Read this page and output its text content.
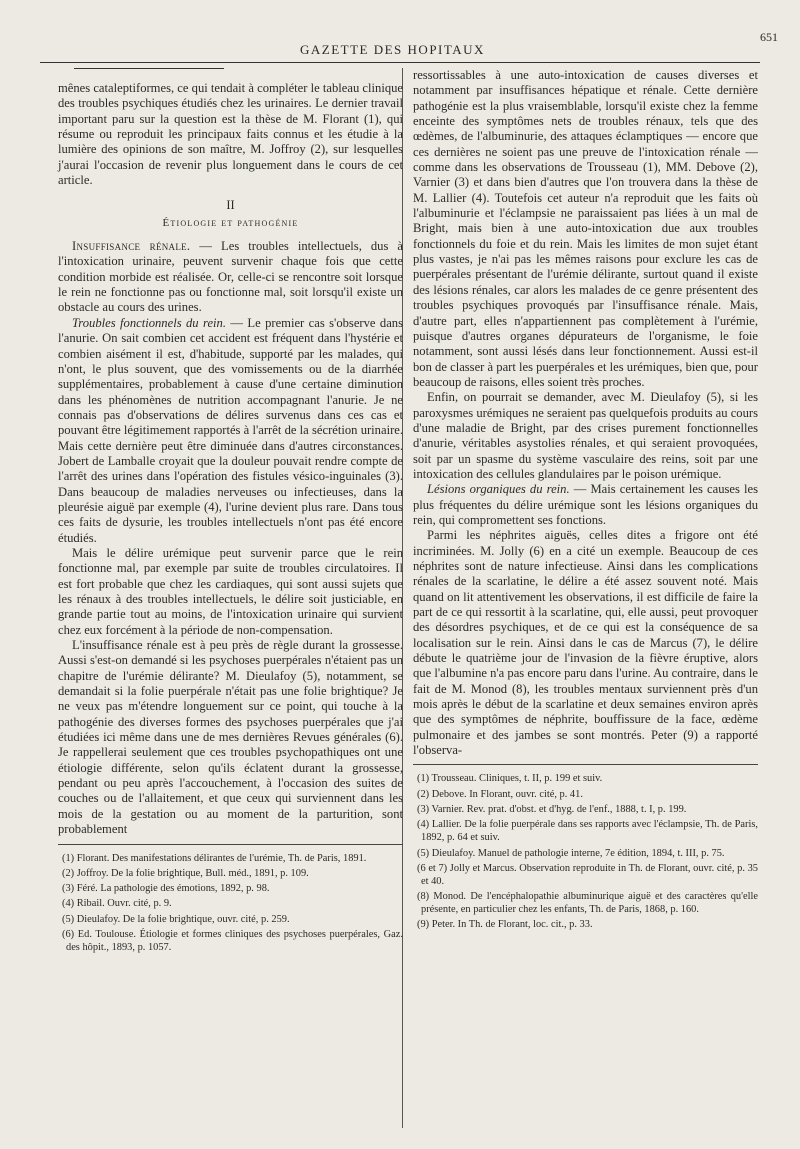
GAZETTE DES HOPITAUX
651

mênes cataleptiformes, ce qui tendait à compléter le tableau clinique des troubles psychiques étudiés chez les urinaires. Le dernier travail important paru sur la question est la thèse de M. Florant (1), qui résume ou reproduit les principaux faits connus et les étudie à la lumière des opinions de son maître, M. Joffroy (2), sur lesquelles j'aurai l'occasion de revenir plus longuement dans le cours de cet article.

II
Étiologie et pathogénie

Insuffisance rénale. — Les troubles intellectuels, dus à l'intoxication urinaire, peuvent survenir chaque fois que cette condition morbide est réalisée. Or, celle-ci se rencontre soit lorsque le rein ne fonctionne pas ou fonctionne mal, soit lorsqu'il existe un obstacle au cours des urines.

Troubles fonctionnels du rein. — Le premier cas s'observe dans l'anurie. On sait combien cet accident est fréquent dans l'hystérie et combien aisément il est, d'habitude, supporté par les malades, qui n'ont, le plus souvent, que des vomissements ou de la diarrhée supplémentaires, probablement à cause d'une certaine diminution dans les phénomènes de nutrition accompagnant l'anurie. Je ne connais pas d'observations de délires survenus dans ces cas et pouvant être légitimement rapportés à l'arrêt de la sécrétion urinaire. Mais cette dernière peut être diminuée dans d'autres circonstances. Jobert de Lamballe croyait que la douleur pouvait rendre compte de l'arrêt des urines dans l'opération des fistules vésico-inguinales (3). Dans beaucoup de maladies nerveuses ou infectieuses, dans la pleurésie aiguë par exemple (4), l'urine devient plus rare. Dans tous ces faits de dysurie, les troubles intellectuels n'ont pas été encore étudiés.

Mais le délire urémique peut survenir parce que le rein fonctionne mal, par exemple par suite de troubles circulatoires. Il est fort probable que chez les cardiaques, qui sont aussi sujets que les rénaux à des troubles intellectuels, le délire soit justiciable, en grande partie tout au moins, de l'intoxication urinaire qui survient chez eux forcément à la période de non-compensation.

L'insuffisance rénale est à peu près de règle durant la grossesse. Aussi s'est-on demandé si les psychoses puerpérales n'étaient pas un chapitre de l'urémie délirante? M. Dieulafoy (5), notamment, se demandait si la folie puerpérale n'était pas une folie brightique? Je ne veux pas m'étendre longuement sur ce point, qui touche à la pathogénie des diverses formes des psychoses puerpérales que j'ai étudiées ici même dans une de mes dernières Revues générales (6). Je rappellerai seulement que ces troubles psychopathiques ont une étiologie différente, selon qu'ils éclatent durant la grossesse, pendant ou peu après l'accouchement, à l'occasion des suites de couches ou de l'allaitement, et que ceux qui surviennent dans les mois de la gestation ou au moment de la parturition, sont probablement

(1) Florant. Des manifestations délirantes de l'urémie, Th. de Paris, 1891.
(2) Joffroy. De la folie brightique, Bull. méd., 1891, p. 109.
(3) Féré. La pathologie des émotions, 1892, p. 98.
(4) Ribail. Ouvr. cité, p. 9.
(5) Dieulafoy. De la folie brightique, ouvr. cité, p. 259.
(6) Ed. Toulouse. Étiologie et formes cliniques des psychoses puerpérales, Gaz. des hôpit., 1893, p. 1057.

ressortissables à une auto-intoxication de causes diverses et notamment par insuffisances hépatique et rénale. Cette dernière pathogénie est la plus vraisemblable, lorsqu'il existe chez la femme enceinte des symptômes nets de troubles rénaux, tels que des œdèmes, de l'albuminurie, des attaques éclamptiques — encore que ces dernières ne soient pas une preuve de l'intoxication rénale — comme dans les observations de Trousseau (1), MM. Debove (2), Varnier (3) et dans bien d'autres que l'on trouvera dans la thèse de M. Lallier (4). Toutefois cet auteur n'a reproduit que les faits où l'albuminurie et l'éclampsie ne paraissaient pas liées à un mal de Bright, mais bien à une auto-intoxication due aux troubles fonctionnels du foie et du rein. Mais les limites de mon sujet étant plus vastes, je n'ai pas les mêmes raisons pour exclure les cas de puerpérales présentant de l'urémie délirante, surtout quand il existe des lésions rénales, car alors les malades de ce genre présentent des troubles psychiques provoqués par l'insuffisance rénale. Mais, d'autre part, elles n'appartiennent pas complètement à l'urémie, puisque d'autres organes dépurateurs de l'organisme, le foie notamment, sont aussi lésés dans leur fonctionnement. Aussi est-il bon de classer à part les puerpérales et les urémiques, bien que, pour beaucoup de raisons, elles soient très proches.

Enfin, on pourrait se demander, avec M. Dieulafoy (5), si les paroxysmes urémiques ne seraient pas quelquefois produits au cours d'une maladie de Bright, par des crises purement fonctionnelles d'anurie, véritables asystolies rénales, et qui seraient provoquées, soit par un spasme du système vasculaire des reins, soit par une intoxication des cellules glandulaires par le poison urémique.

Lésions organiques du rein. — Mais certainement les causes les plus fréquentes du délire urémique sont les lésions organiques du rein, qui compromettent ses fonctions.

Parmi les néphrites aiguës, celles dites a frigore ont été incriminées. M. Jolly (6) en a cité un exemple. Beaucoup de ces néphrites sont de nature infectieuse. Ainsi dans les complications rénales de la scarlatine, le délire a été assez souvent noté. Mais quand on lit attentivement les observations, il est difficile de faire la part de ce qui ressortit à la scarlatine, qui, elle aussi, peut provoquer des désordres psychiques, et de ce qui est la conséquence de sa localisation sur le rein. Ainsi dans le cas de Marcus (7), le délire débute le quatrième jour de l'invasion de la fièvre éruptive, alors que l'albumine n'a pas encore paru dans l'urine. Au contraire, dans le fait de M. Monod (8), les troubles mentaux surviennent près d'un mois après le début de la scarlatine et deux semaines environ après que des symptômes de néphrite, bouffissure de la face, œdème pulmonaire et des jambes se sont montrés. Peter (9) a rapporté l'observa-

(1) Trousseau. Cliniques, t. II, p. 199 et suiv.
(2) Debove. In Florant, ouvr. cité, p. 41.
(3) Varnier. Rev. prat. d'obst. et d'hyg. de l'enf., 1888, t. I, p. 199.
(4) Lallier. De la folie puerpérale dans ses rapports avec l'éclampsie, Th. de Paris, 1892, p. 64 et suiv.
(5) Dieulafoy. Manuel de pathologie interne, 7e édition, 1894, t. III, p. 75.
(6 et 7) Jolly et Marcus. Observation reproduite in Th. de Florant, ouvr. cité, p. 35 et 40.
(8) Monod. De l'encéphalopathie albuminurique aiguë et des caractères qu'elle présente, en particulier chez les enfants, Th. de Paris, 1868, p. 160.
(9) Peter. In Th. de Florant, loc. cit., p. 33.
